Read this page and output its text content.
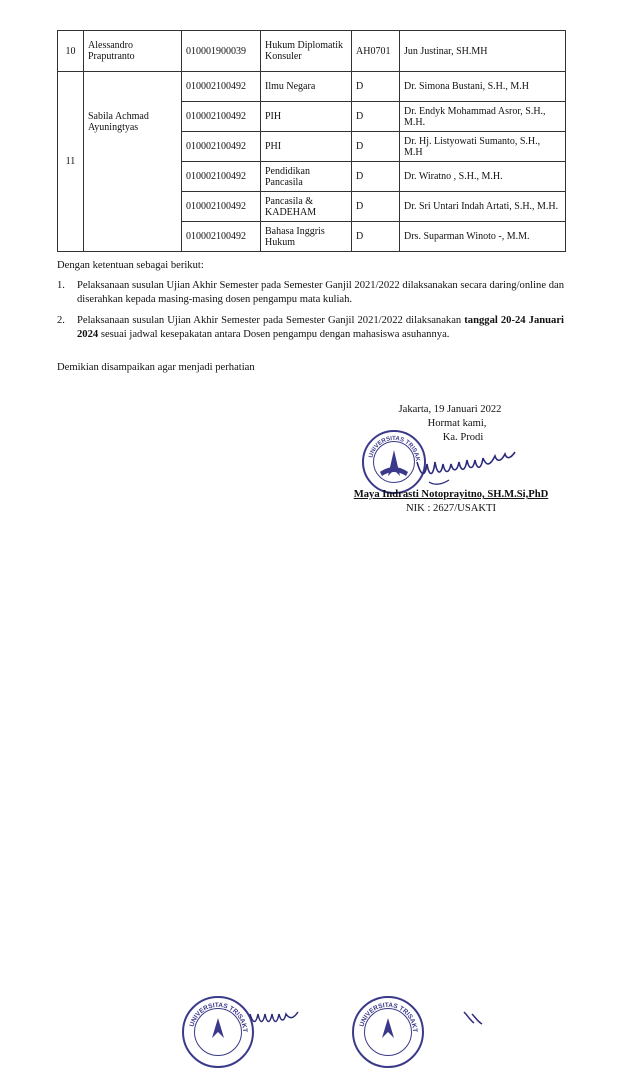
10	Alessandro Praputranto	010001900039	Hukum Diplomatik Konsuler	AH0701	Jun Justinar, SH.MH
11	Sabila Achmad Ayuningtyas	010002100492	Ilmu Negara	D	Dr. Simona Bustani, S.H., M.H
		010002100492	PIH	D	Dr. Endyk Mohammad Asror, S.H., M.H.
		010002100492	PHI	D	Dr. Hj. Listyowati Sumanto, S.H., M.H
		010002100492	Pendidikan Pancasila	D	Dr. Wiratno , S.H., M.H.
		010002100492	Pancasila & KADEHAM	D	Dr. Sri Untari Indah Artati, S.H., M.H.
		010002100492	Bahasa Inggris Hukum	D	Drs. Suparman Winoto -, M.M.
Dengan ketentuan sebagai berikut:
1. Pelaksanaan susulan Ujian Akhir Semester pada Semester Ganjil 2021/2022 dilaksanakan secara daring/online dan diserahkan kepada masing-masing dosen pengampu mata kuliah.
2. Pelaksanaan susulan Ujian Akhir Semester pada Semester Ganjil 2021/2022 dilaksanakan tanggal 20-24 Januari 2024 sesuai jadwal kesepakatan antara Dosen pengampu dengan mahasiswa asuhannya.
Demikian disampaikan agar menjadi perhatian
Jakarta, 19 Januari 2022
Hormat kami,
Ka. Prodi
UNIVERSITAS TRISAK
Maya Indrasti Notoprayitno, SH.M.Si,PhD
NIK : 2627/USAKTI
UNIVERSITAS TRISAKT
UNIVERSITAS TRISAKT
